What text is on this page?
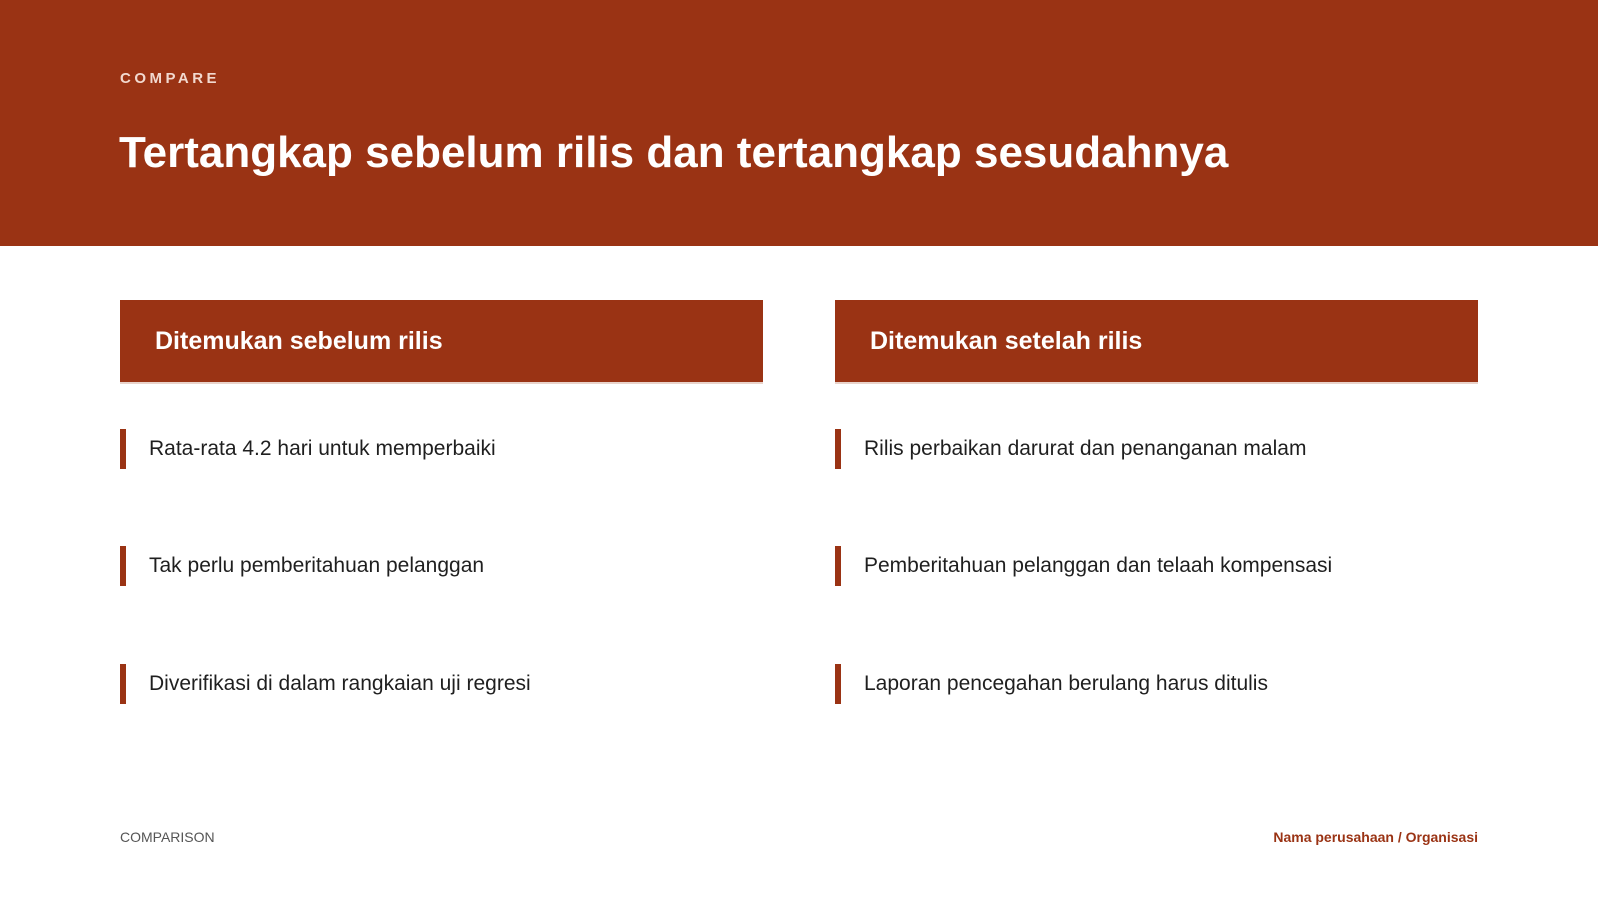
COMPARE
Tertangkap sebelum rilis dan tertangkap sesudahnya
Ditemukan sebelum rilis
Rata-rata 4.2 hari untuk memperbaiki
Tak perlu pemberitahuan pelanggan
Diverifikasi di dalam rangkaian uji regresi
Ditemukan setelah rilis
Rilis perbaikan darurat dan penanganan malam
Pemberitahuan pelanggan dan telaah kompensasi
Laporan pencegahan berulang harus ditulis
COMPARISON	Nama perusahaan / Organisasi
